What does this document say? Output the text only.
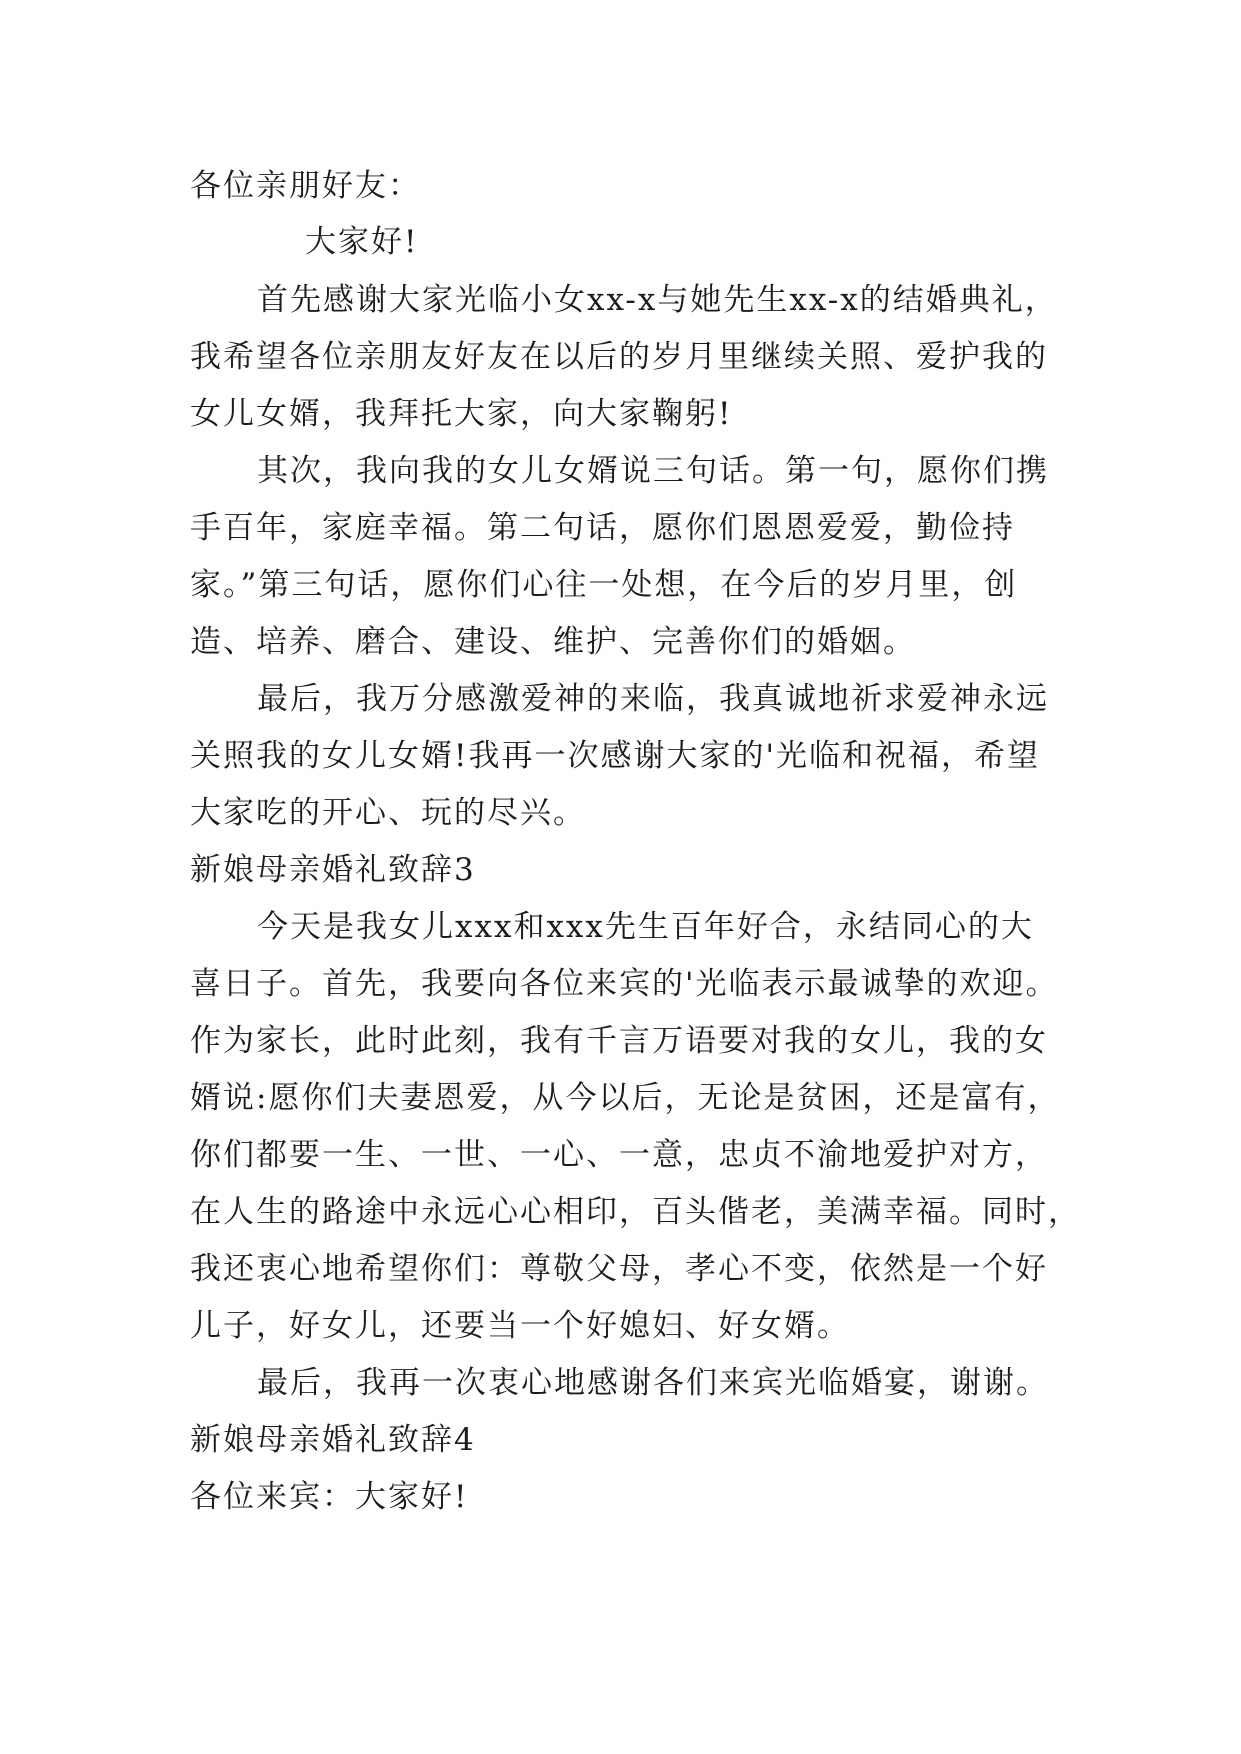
各位亲朋好友：

大家好!

首先感谢大家光临小女xx-x与她先生xx-x的结婚典礼，

我希望各位亲朋友好友在以后的岁月里继续关照、爱护我的

女儿女婿，我拜托大家，向大家鞠躬!

其次，我向我的女儿女婿说三句话。第一句，愿你们携

手百年，家庭幸福。第二句话，愿你们恩恩爱爱，勤俭持

家。”第三句话，愿你们心往一处想，在今后的岁月里，创

造、培养、磨合、建设、维护、完善你们的婚姻。

最后，我万分感激爱神的来临，我真诚地祈求爱神永远

关照我的女儿女婿!我再一次感谢大家的'光临和祝福，希望

大家吃的开心、玩的尽兴。

新娘母亲婚礼致辞3

今天是我女儿xxx和xxx先生百年好合，永结同心的大

喜日子。首先，我要向各位来宾的'光临表示最诚挚的欢迎。

作为家长，此时此刻，我有千言万语要对我的女儿，我的女

婿说:愿你们夫妻恩爱，从今以后，无论是贫困，还是富有，

你们都要一生、一世、一心、一意，忠贞不渝地爱护对方，

在人生的路途中永远心心相印，百头偕老，美满幸福。同时，

我还衷心地希望你们：尊敬父母，孝心不变，依然是一个好

儿子，好女儿，还要当一个好媳妇、好女婿。

最后，我再一次衷心地感谢各们来宾光临婚宴，谢谢。

新娘母亲婚礼致辞4

各位来宾：大家好!
